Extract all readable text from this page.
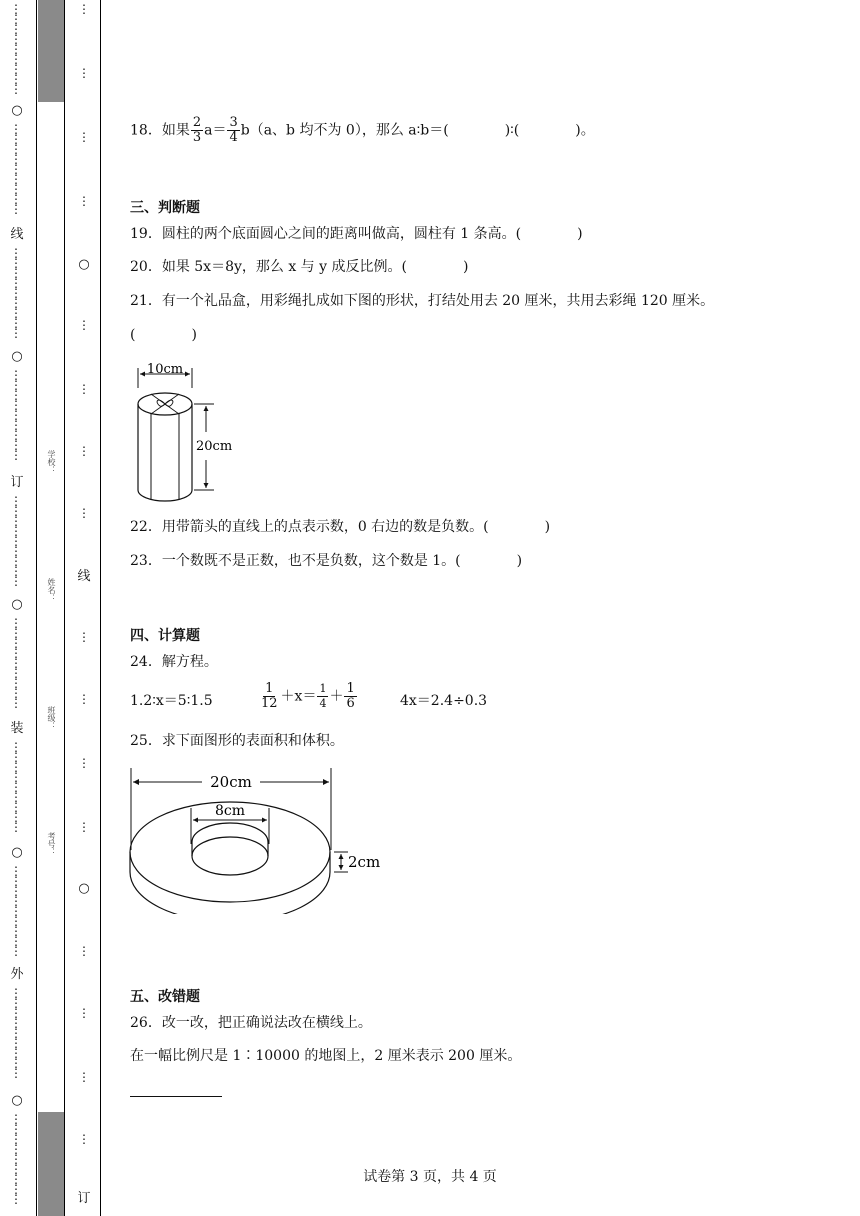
⋮
⋮
⋮
⋮
⋮
⋮
⋮
⋮
⋮
○
⋮
⋮
⋮
⋮
⋮
⋮
⋮
⋮
⋮
线
⋮
⋮
⋮
⋮
⋮
⋮
⋮
⋮
⋮
○
⋮
⋮
⋮
⋮
⋮
⋮
⋮
⋮
⋮
订
⋮
⋮
⋮
⋮
⋮
⋮
⋮
⋮
⋮
○
⋮
⋮
⋮
⋮
⋮
⋮
⋮
⋮
⋮
装
⋮
⋮
⋮
⋮
⋮
⋮
⋮
⋮
⋮
○
⋮
⋮
⋮
⋮
⋮
⋮
⋮
⋮
⋮
外
⋮
⋮
⋮
⋮
⋮
⋮
⋮
⋮
⋮
○
⋮
⋮
⋮
⋮
⋮
⋮
⋮
⋮
⋮
学校：
姓名：
班级：
考号：
⋮
⋮
⋮
⋮
○
⋮
⋮
⋮
⋮
线
⋮
⋮
⋮
⋮
○
⋮
⋮
⋮
⋮
订
18．如果 $\frac{2}{3} a= \frac{3}{4} b(a$、b 均不为 0），那么 a∶b＝(　　　　)∶(　　　　)。
三、判断题
19．圆柱的两个底面圆心之间的距离叫做高，圆柱有 1 条高。(　　　　)
20．如果 5x＝8y，那么 x 与 y 成反比例。(　　　　)
21．有一个礼品盒，用彩绳扎成如下图的形状，打结处用去 20 厘米，共用去彩绳 120 厘米。
(　　　　)
10cm
20cm
22．用带箭头的直线上的点表示数，0 右边的数是负数。(　　　　)
23．一个数既不是正数，也不是负数，这个数是 1。(　　　　)
四、计算题
24．解方程。
1.2∶x＝5∶1.5	$\frac{1}{12} +x= \frac{1}{4} + \frac{1}{6}$	4x＝2.4÷0.3
25．求下面图形的表面积和体积。
20cm
8cm
2cm
五、改错题
26．改一改，把正确说法改在横线上。
在一幅比例尺是 1∶10000 的地图上，2 厘米表示 200 厘米。
试卷第 3 页，共 4 页
